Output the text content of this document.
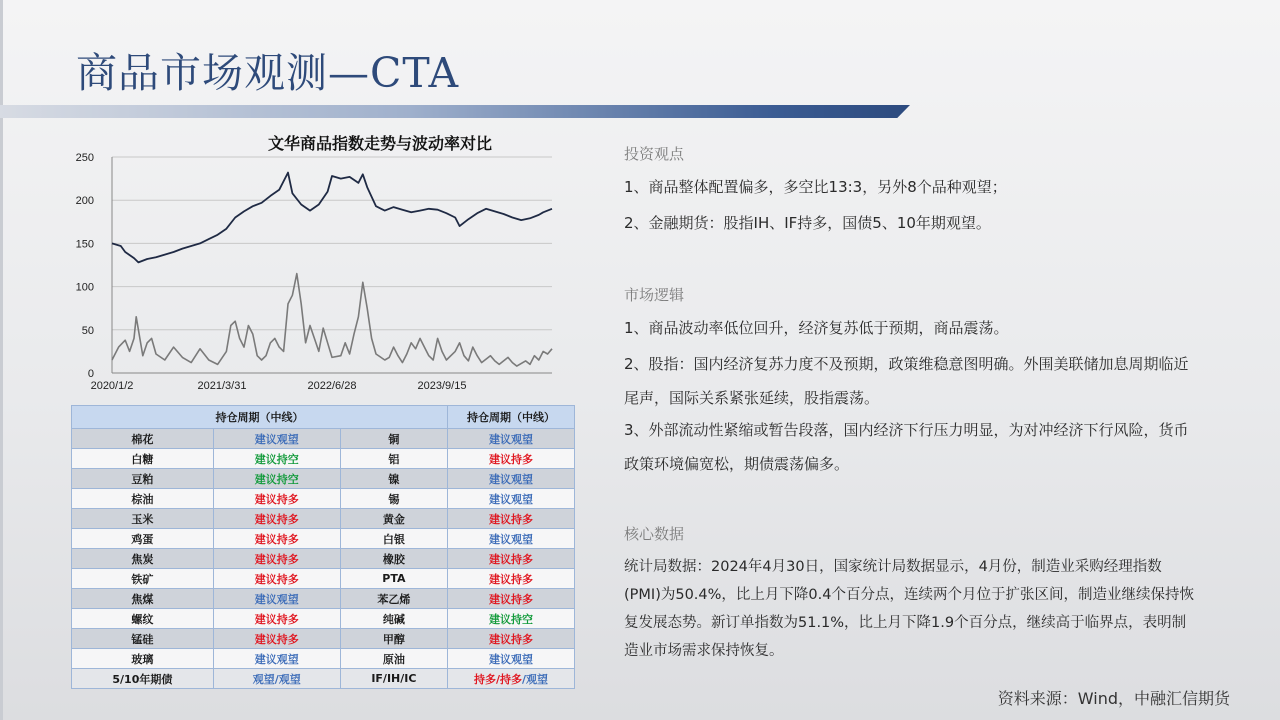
商品市场观测—CTA
文华商品指数走势与波动率对比
0
50
100
150
200
250
2020/1/2	2021/3/31	2022/6/28	2023/9/15
持仓周期（中线）			持仓周期（中线）
棉花	建议观望	铜	建议观望
白糖	建议持空	铝	建议持多
豆粕	建议持空	镍	建议观望
棕油	建议持多	锡	建议观望
玉米	建议持多	黄金	建议持多
鸡蛋	建议持多	白银	建议观望
焦炭	建议持多	橡胶	建议持多
铁矿	建议持多	PTA	建议持多
焦煤	建议观望	苯乙烯	建议持多
螺纹	建议持多	纯碱	建议持空
锰硅	建议持多	甲醇	建议持多
玻璃	建议观望	原油	建议观望
5/10年期债	观望/观望	IF/IH/IC	持多/持多/观望
投资观点
1、商品整体配置偏多，多空比13:3，另外8个品种观望；
2、金融期货：股指IH、IF持多，国债5、10年期观望。
市场逻辑
1、商品波动率低位回升，经济复苏低于预期，商品震荡。
2、股指：国内经济复苏力度不及预期，政策维稳意图明确。外围美联储加息周期临近尾声，国际关系紧张延续，股指震荡。
3、外部流动性紧缩或暂告段落，国内经济下行压力明显，为对冲经济下行风险，货币政策环境偏宽松，期债震荡偏多。
核心数据
统计局数据：2024年4月30日，国家统计局数据显示，4月份，制造业采购经理指数(PMI)为50.4%，比上月下降0.4个百分点，连续两个月位于扩张区间，制造业继续保持恢复发展态势。新订单指数为51.1%，比上月下降1.9个百分点，继续高于临界点，表明制造业市场需求保持恢复。
资料来源：Wind，中融汇信期货
